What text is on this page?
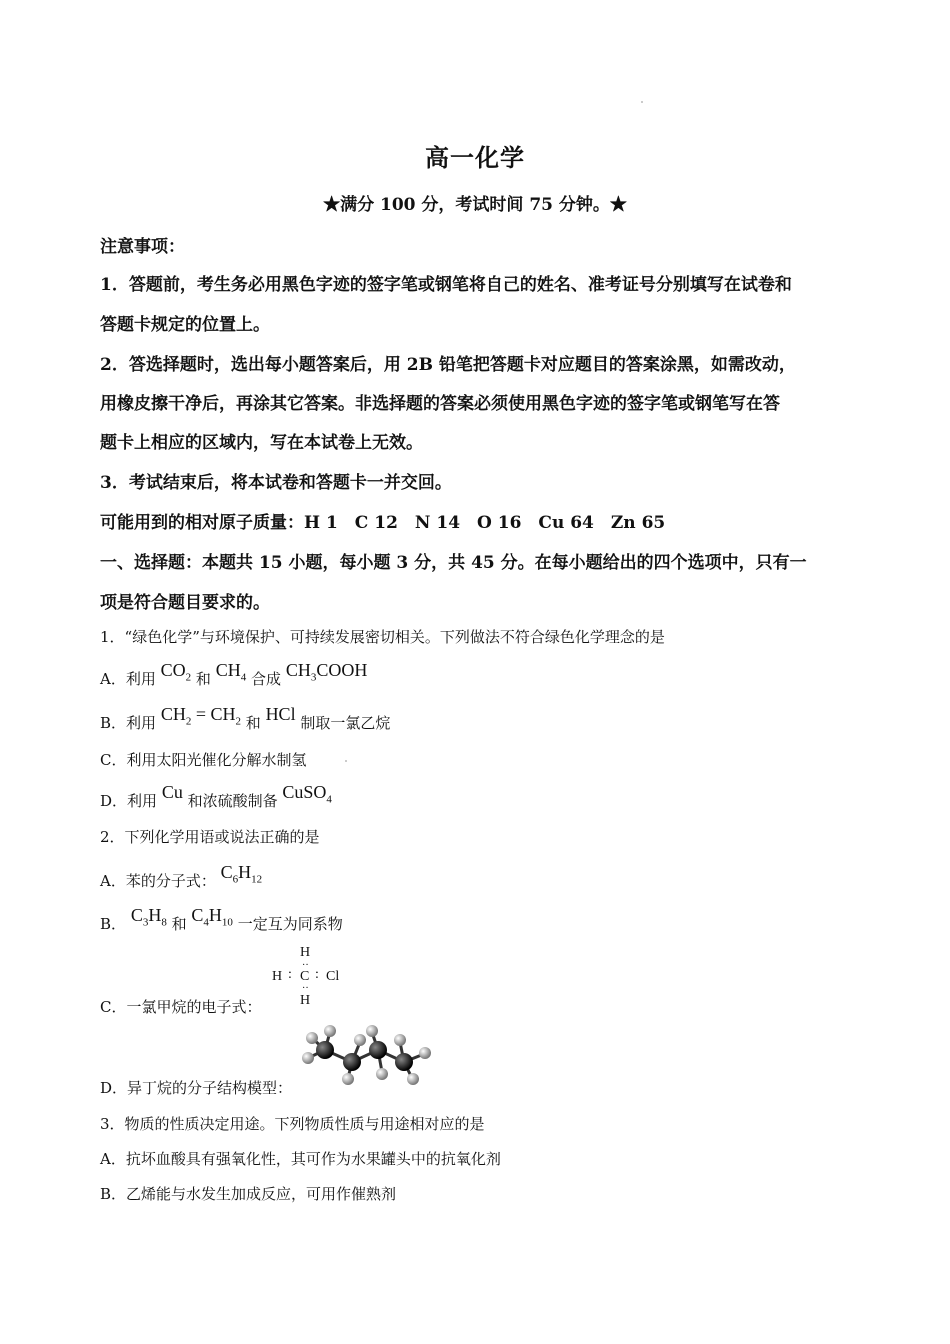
高一化学
★满分 100 分，考试时间 75 分钟。★
注意事项：
1．答题前，考生务必用黑色字迹的签字笔或钢笔将自己的姓名、准考证号分别填写在试卷和
答题卡规定的位置上。
2．答选择题时，选出每小题答案后，用 2B 铅笔把答题卡对应题目的答案涂黑，如需改动，
用橡皮擦干净后，再涂其它答案。非选择题的答案必须使用黑色字迹的签字笔或钢笔写在答
题卡上相应的区域内，写在本试卷上无效。
3．考试结束后，将本试卷和答题卡一并交回。
可能用到的相对原子质量：H 1　C 12　N 14　O 16　Cu 64　Zn 65
一、选择题：本题共 15 小题，每小题 3 分，共 45 分。在每小题给出的四个选项中，只有一
项是符合题目要求的。
1．“绿色化学”与环境保护、可持续发展密切相关。下列做法不符合绿色化学理念的是
A．利用 $CO_2$ 和 $CH_4$ 合成 $CH_3COOH$
B．利用 $CH_2 = CH_2$ 和 HCl 制取一氯乙烷
C．利用太阳光催化分解水制氢
D．利用 Cu 和浓硫酸制备 CuSO$_4$
2．下列化学用语或说法正确的是
A．苯的分子式： $C_6H_{12}$
B． $C_3H_8$ 和 $C_4H_{10}$ 一定互为同系物
C．一氯甲烷的电子式：
H
··
H : C : Cl
··
H
D．异丁烷的分子结构模型：
3．物质的性质决定用途。下列物质性质与用途相对应的是
A．抗坏血酸具有强氧化性，其可作为水果罐头中的抗氧化剂
B．乙烯能与水发生加成反应，可用作催熟剂
